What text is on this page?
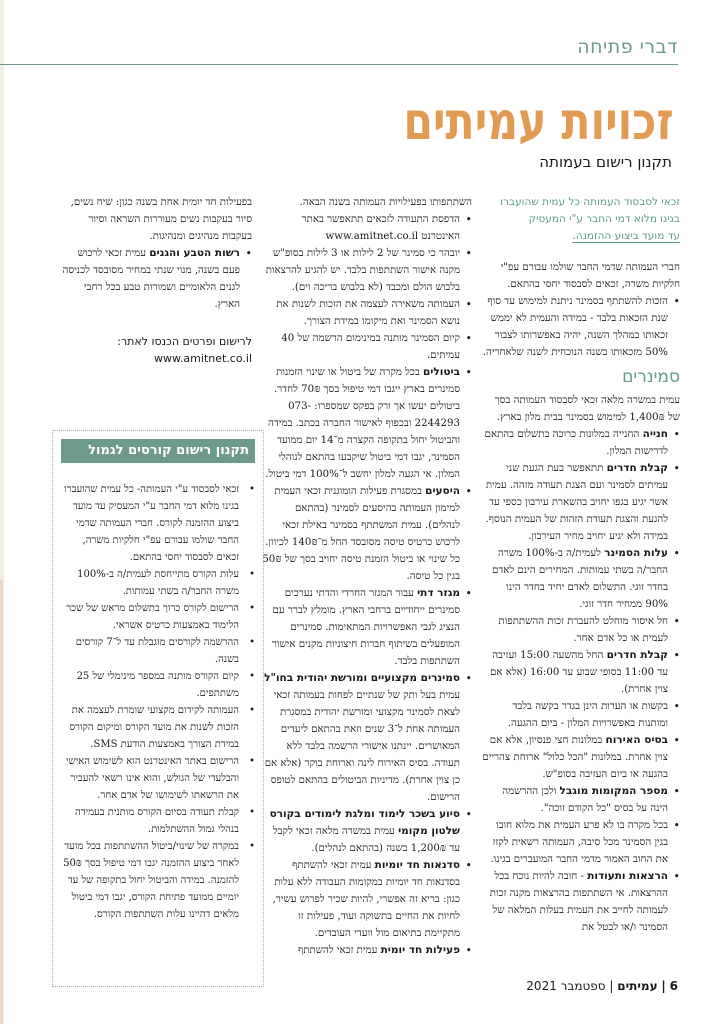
דברי פתיחה
זכויות עמיתים
תקנון רישום בעמותה

זכאי לסבסוד העמותה כל עמית שהועברו
בגינו מלוא דמי החבר ע"י המעסיק
עד מועד ביצוע ההזמנה.

חברי העמותה שדמי החבר שולמו עבורם עפ"י חלקיות משרה, זכאים לסבסוד יחסי בהתאם.

• הזכות להשתתף בסמינר ניתנת למימוש עד סוף שנת הזכאות בלבד - במידה והעמית לא יממש זכאותו במהלך השנה, יהיה באפשרותו לצבור 50% מזכאותו בשנה הנוכחית לשנה שלאחריה.

סמינרים

עמית במשרה מלאה זכאי לסבסוד העמותה בסך של 1,400₪ למימוש בסמינר בבית מלון בארץ.

• חנייה החנייה במלונות כרוכה בתשלום בהתאם לדרישות המלון.
• קבלת חדרים תתאפשר בעת הגעת שני עמיתים לסמינר ועם הצגת תעודה מזהה. עמית אשר יגיע בגפו יחויב בהשארת עירבון כספי עד להגעת והצגת תעודת הזהות של העמית הנוסף. במידה ולא יגיע יחויב מחיר העירבון.
• עלות הסמינר לעמית/ה ב-100% משרה החבר/ה בשתי עמותות. המחירים הינם לאדם בחדר זוגי. התשלום לאדם יחיד בחדר הינו 90% ממחיר חדר זוגי.
• חל איסור מוחלט להעברת זכות ההשתתפות לעמית או כל אדם אחר.
• קבלת חדרים החל מהשעה 15:00 ועזיבה עד 11:00 בסופי שבוע עד 16:00 (אלא אם צוין אחרת).
• בקשות או הערות הינן בגדר בקשה בלבד ומותנות באפשרויות המלון - ביום ההגעה.
• בסיס האירוח במלונות חצי פנסיון, אלא אם צוין אחרת. במלונות "הכל כלול" ארוחת צהריים בהגעה או ביום העזיבה בסופ"ש.
• מספר המקומות מוגבל ולכן ההרשמה הינה על בסיס "כל הקודם זוכה".
• בכל מקרה בו לא פרע העמית את מלוא חובו בגין הסמינר מכל סיבה, העמותה רשאית לקזז את החוב האמור מדמי החבר המועברים בגינו.
• הרצאות ותעודות - חובה להיות נוכח בכל ההרצאות. אי השתתפות בהרצאות מקנה זכות לעמותה לחייב את העמית בעלות המלאה של הסמינר ו/או לבטל את

השתתפותו בפעילויות העמותה בשנה הבאה.

• הדפסת התעודה לזכאים תתאפשר באתר האינטרנט www.amitnet.co.il
• יובהר כי סמינר של 2 לילות או 3 לילות בסופ"ש מקנה אישור השתתפות בלבד. יש להגיע להרצאות בלבוש הולם ומכבד (לא בלבוש בריכה וים).
• העמותה משאירה לעצמה את הזכות לשנות את נושא הסמינר ואת מיקומו במידת הצורך.
• קיום הסמינר מותנה במינימום הרשמה של 40 עמיתים.
• ביטולים בכל מקרה של ביטול או שינוי הזמנות סמינרים בארץ ייגבו דמי טיפול בסך 70₪ לחדר. ביטולים יעשו אך ורק בפקס שמספרו: 073-2244293 ובכפוף לאישור החברה בכתב. במידה והביטול יחול בתקופה הקצרה מ־14 יום ממועד הסמינר, יגבו דמי ביטול שיקבעו בהתאם לנוהלי המלון. אי הגעה למלון יחשב ל־100% דמי ביטול.
• היסעים במסגרת פעילות הומוגנית זכאי העמית למימון העמותה בהיסעים לסמינר (בהתאם לנהלים). עמית המשתתף בסמינר באילת זכאי לרכוש כרטיס טיסה מסובסד החל מ־140₪ לכיוון. כל שינוי או ביטול הזמנת טיסה יחויב בסך של 50₪ בגין כל טיסה.
• מגזר דתי עבור המגזר החרדי והדתי נערכים סמינרים ייחודיים ברחבי הארץ. מומלץ לברר עם הנציג לגבי האפשרויות המתאימות. סמינרים המופעלים בשיתוף חברות חיצוניות מקנים אישור השתתפות בלבד.
• סמינרים מקצועיים ומורשת יהודית בחו"ל עמית בעל ותק של שנתיים לפחות בעמותה זכאי לצאת לסמינר מקצועי ומורשת יהודית במסגרת העמותה אחת ל־3 שנים וזאת בהתאם ליעדים המאושרים. יינתנו אישורי הרשמה בלבד ללא תעודה. בסיס האירוח לינה וארוחת בוקר (אלא אם כן צוין אחרת). מדיניות הביטולים בהתאם לטופס הרישום.
• סיוע בשכר לימוד ומלגת לימודים בקורס שלטון מקומי עמית במשרה מלאה זכאי לקבל עד 1,200₪ בשנה (בהתאם לנהלים).
• סדנאות חד יומיות עמית זכאי להשתתף בסדנאות חד יומיות במקומות העבודה ללא עלות כגון: בריא זה אפשרי, להיות שכיר לפרוש עשיר, לחיות את החיים בתשוקה ועוד, פעילות זו מתקיימת בתיאום מול וועדי העובדים.
• פעילות חד יומית עמית זכאי להשתתף

בפעילות חד יומית אחת בשנה כגון: שיח נשים, סיור בעקבות נשים מעוררות השראה וסיור בעקבות מנהיגים ומנהיגות.

• רשות הטבע והגנים עמית זכאי לרכוש פעם בשנה, מנוי שנתי במחיר מסובסד לכניסה לגנים הלאומיים ושמורות טבע בכל רחבי הארץ.

לרישום ופרטים הכנסו לאתר:
www.amitnet.co.il

תקנון רישום קורסים לגמול
• זכאי לסבסוד ע"י העמותה- כל עמית שהועברו בגינו מלוא דמי החבר ע"י המעסיק עד מועד ביצוע ההזמנה לקורס. חברי העמותה שדמי החבר שולמו עבורם עפ"י חלקיות משרה, זכאים לסבסוד יחסי בהתאם.
• עלות הקורס מתייחסת לעמית/ה ב-100% משרה החבר/ה בשתי עמותות.
• הרישום לקורס כרוך בתשלום מראש של שכר הלימוד באמצעות כרטיס אשראי.
• ההרשמה לקורסים מוגבלת עד ל־7 קורסים בשנה.
• קיום הקורס מותנה במספר מינימלי של 25 משתתפים.
• העמותה לקידום מקצועי שומרת לעצמה את הזכות לשנות את מועד הקורס ומיקום הקורס במידת הצורך באמצעות הודעת SMS.
• הרישום באתר האינטרנט הוא לשימוש האישי והבלעדי של הגולש, והוא אינו רשאי להעביר את הרשאתו לשימושו של אדם אחר.
• קבלת תעודה בסיום הקורס מותנית בעמידה בנהלי גמול ההשתלמות.
• במקרה של שינוי/ביטול ההשתתפות בכל מועד לאחר ביצוע ההזמנה יגבו דמי טיפול בסך 50₪ להזמנה. במידה והביטול יחול בתקופה של עד יומיים ממועד פתיחת הקורס, יגבו דמי ביטול מלאים דהיינו עלות השתתפות הקורס.
6 | עמיתים | ספטמבר 2021
